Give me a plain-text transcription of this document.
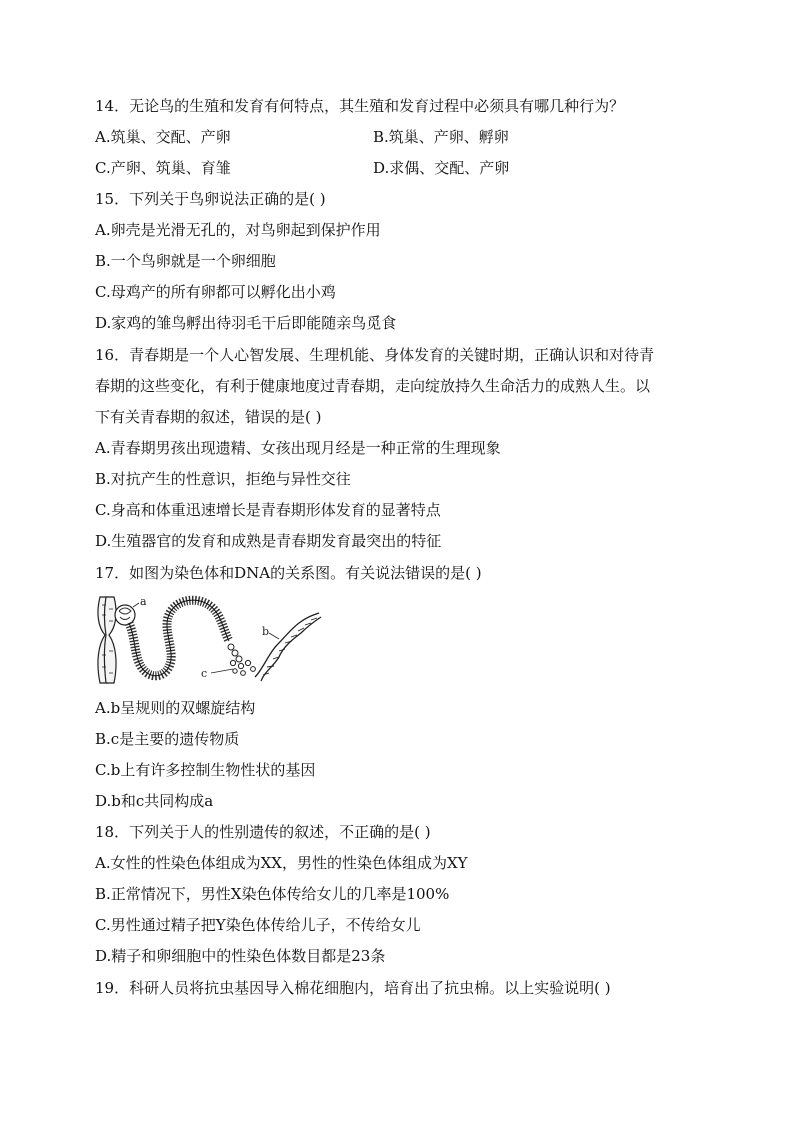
14．无论鸟的生殖和发育有何特点，其生殖和发育过程中必须具有哪几种行为？
A.筑巢、交配、产卵	B.筑巢、产卵、孵卵
C.产卵、筑巢、育雏	D.求偶、交配、产卵
15．下列关于鸟卵说法正确的是( )
A.卵壳是光滑无孔的，对鸟卵起到保护作用
B.一个鸟卵就是一个卵细胞
C.母鸡产的所有卵都可以孵化出小鸡
D.家鸡的雏鸟孵出待羽毛干后即能随亲鸟觅食
16．青春期是一个人心智发展、生理机能、身体发育的关键时期，正确认识和对待青
春期的这些变化，有利于健康地度过青春期，走向绽放持久生命活力的成熟人生。以
下有关青春期的叙述，错误的是( )
A.青春期男孩出现遗精、女孩出现月经是一种正常的生理现象
B.对抗产生的性意识，拒绝与异性交往
C.身高和体重迅速增长是青春期形体发育的显著特点
D.生殖器官的发育和成熟是青春期发育最突出的特征
17．如图为染色体和DNA的关系图。有关说法错误的是( )
a
c
b
A.b呈规则的双螺旋结构
B.c是主要的遗传物质
C.b上有许多控制生物性状的基因
D.b和c共同构成a
18．下列关于人的性别遗传的叙述，不正确的是( )
A.女性的性染色体组成为XX，男性的性染色体组成为XY
B.正常情况下，男性X染色体传给女儿的几率是100%
C.男性通过精子把Y染色体传给儿子，不传给女儿
D.精子和卵细胞中的性染色体数目都是23条
19．科研人员将抗虫基因导入棉花细胞内，培育出了抗虫棉。以上实验说明( )
